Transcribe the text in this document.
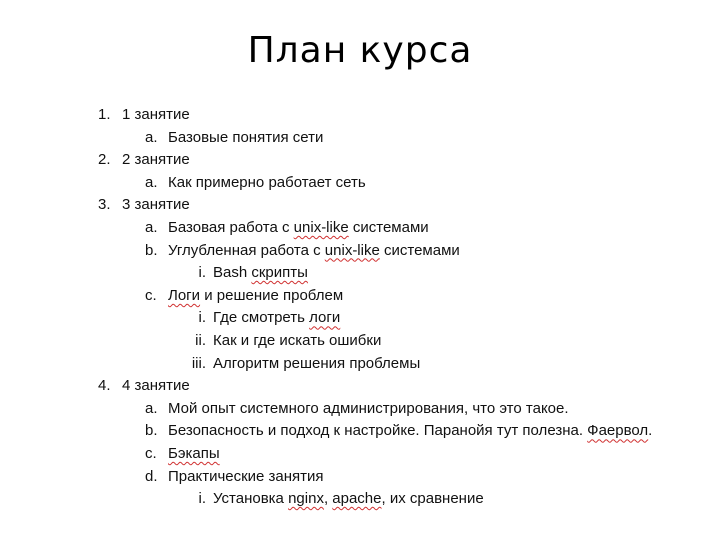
План курса
1. 1 занятие
a. Базовые понятия сети
2. 2 занятие
a. Как примерно работает сеть
3. 3 занятие
a. Базовая работа с unix-like системами
b. Углубленная работа с unix-like системами
i. Bash скрипты
c. Логи и решение проблем
i. Где смотреть логи
ii. Как и где искать ошибки
iii. Алгоритм решения проблемы
4. 4 занятие
a. Мой опыт системного администрирования, что это такое.
b. Безопасность и подход к настройке. Паранойя тут полезна. Фаервол.
c. Бэкапы
d. Практические занятия
i. Установка nginx, apache, их сравнение
